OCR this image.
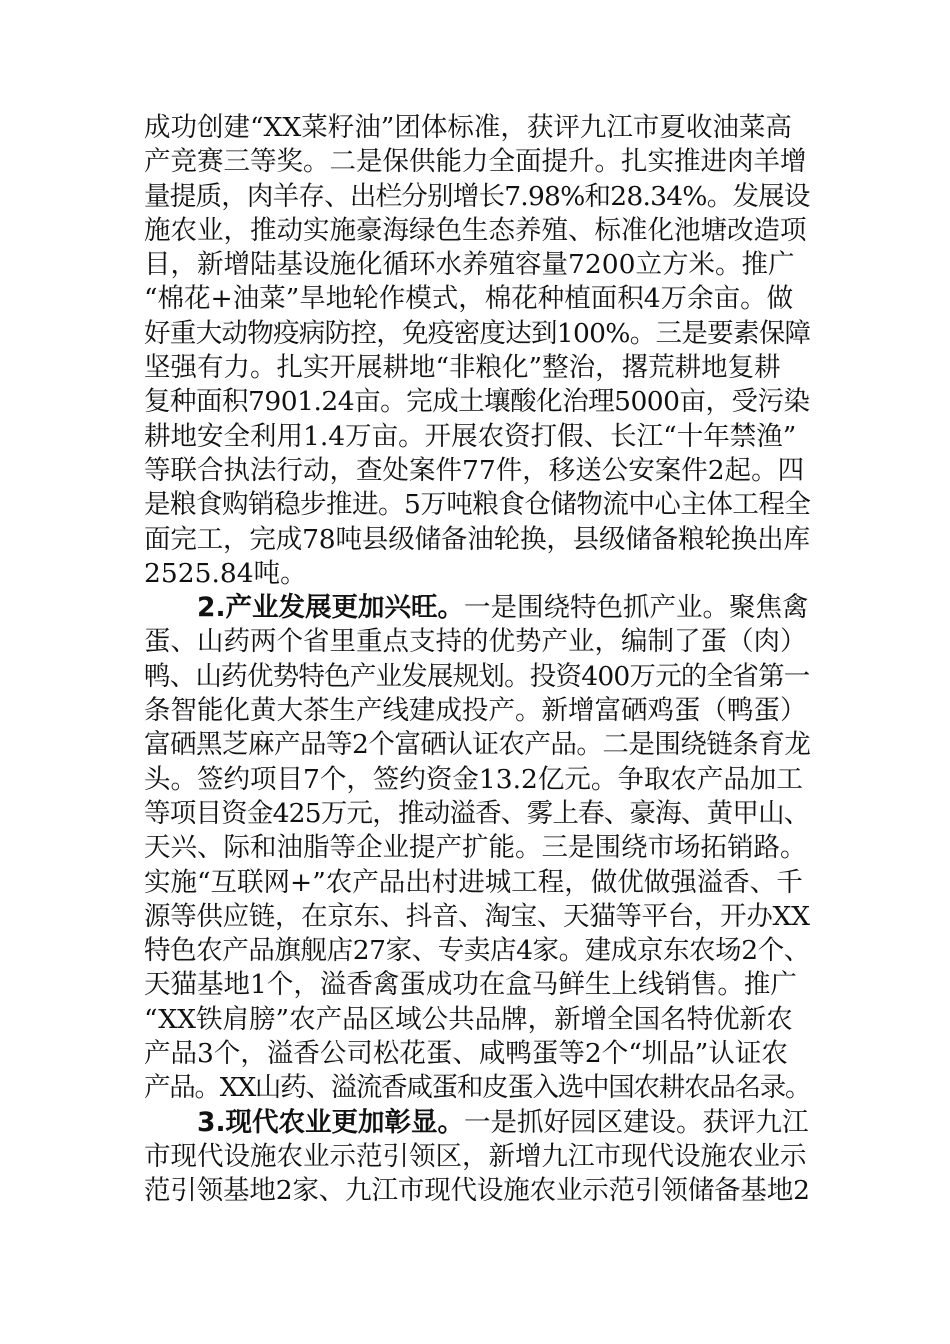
成功创建“XX菜籽油”团体标准，获评九江市夏收油菜高
产竞赛三等奖。二是保供能力全面提升。扎实推进肉羊增
量提质，肉羊存、出栏分别增长7.98%和28.34%。发展设
施农业，推动实施豪海绿色生态养殖、标准化池塘改造项
目，新增陆基设施化循环水养殖容量7200立方米。推广
“棉花+油菜”旱地轮作模式，棉花种植面积4万余亩。做
好重大动物疫病防控，免疫密度达到100%。三是要素保障
坚强有力。扎实开展耕地“非粮化”整治，撂荒耕地复耕
复种面积7901.24亩。完成土壤酸化治理5000亩，受污染
耕地安全利用1.4万亩。开展农资打假、长江“十年禁渔”
等联合执法行动，查处案件77件，移送公安案件2起。四
是粮食购销稳步推进。5万吨粮食仓储物流中心主体工程全
面完工，完成78吨县级储备油轮换，县级储备粮轮换出库
2525.84吨。
2.产业发展更加兴旺。一是围绕特色抓产业。聚焦禽
蛋、山药两个省里重点支持的优势产业，编制了蛋（肉）
鸭、山药优势特色产业发展规划。投资400万元的全省第一
条智能化黄大茶生产线建成投产。新增富硒鸡蛋（鸭蛋）
富硒黑芝麻产品等2个富硒认证农产品。二是围绕链条育龙
头。签约项目7个，签约资金13.2亿元。争取农产品加工
等项目资金425万元，推动溢香、雾上春、豪海、黄甲山、
天兴、际和油脂等企业提产扩能。三是围绕市场拓销路。
实施“互联网+”农产品出村进城工程，做优做强溢香、千
源等供应链，在京东、抖音、淘宝、天猫等平台，开办XX
特色农产品旗舰店27家、专卖店4家。建成京东农场2个、
天猫基地1个，溢香禽蛋成功在盒马鲜生上线销售。推广
“XX铁肩膀”农产品区域公共品牌，新增全国名特优新农
产品3个，溢香公司松花蛋、咸鸭蛋等2个“圳品”认证农
产品。XX山药、溢流香咸蛋和皮蛋入选中国农耕农品名录。
3.现代农业更加彰显。一是抓好园区建设。获评九江
市现代设施农业示范引领区，新增九江市现代设施农业示
范引领基地2家、九江市现代设施农业示范引领储备基地2
